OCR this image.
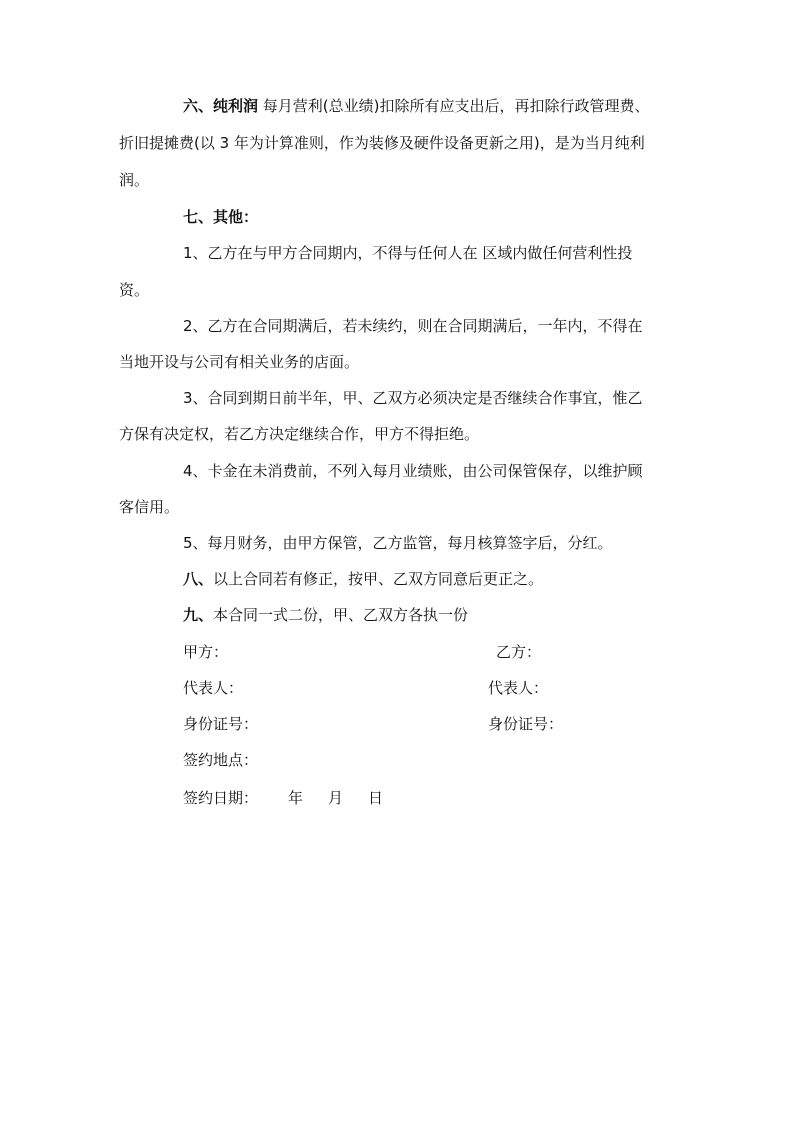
六、纯利润 每月营利(总业绩)扣除所有应支出后，再扣除行政管理费、
折旧提摊费(以 3 年为计算准则，作为装修及硬件设备更新之用)，是为当月纯利
润。
七、其他：
1、乙方在与甲方合同期内，不得与任何人在 区域内做任何营利性投
资。
2、乙方在合同期满后，若未续约，则在合同期满后，一年内，不得在
当地开设与公司有相关业务的店面。
3、合同到期日前半年，甲、乙双方必须决定是否继续合作事宜，惟乙
方保有决定权，若乙方决定继续合作，甲方不得拒绝。
4、卡金在未消费前，不列入每月业绩账，由公司保管保存，以维护顾
客信用。
5、每月财务，由甲方保管，乙方监管，每月核算签字后，分红。
八、以上合同若有修正，按甲、乙双方同意后更正之。
九、本合同一式二份，甲、乙双方各执一份
甲方：	乙方：
代表人：	代表人：
身份证号：	身份证号：
签约地点：
签约日期： 年 月 日
